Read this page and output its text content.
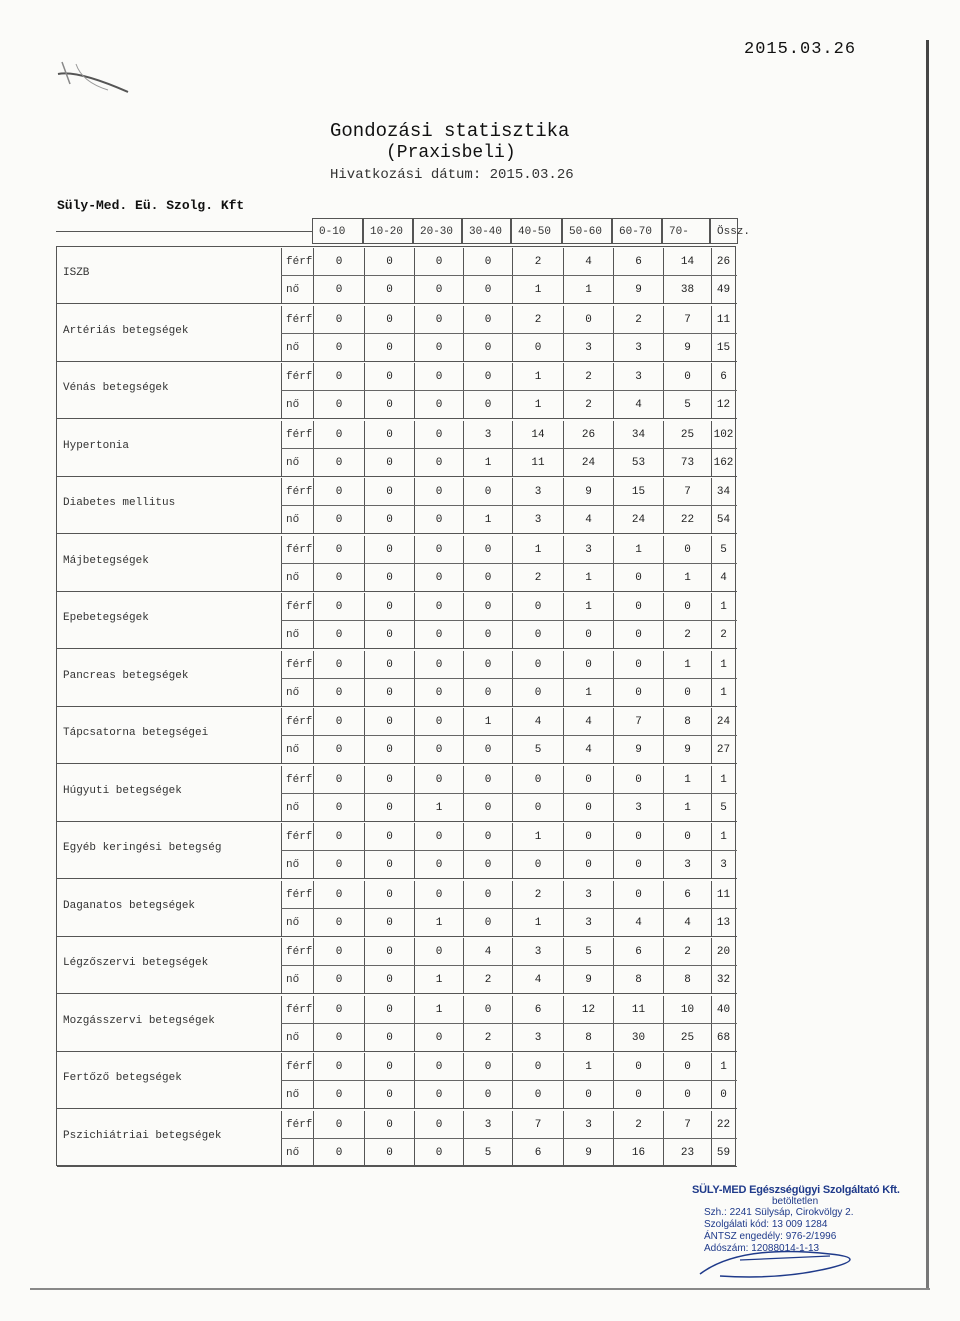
2015.03.26
Gondozási statisztika
(Praxisbeli)
Hivatkozási dátum: 2015.03.26
Süly-Med. Eü. Szolg. Kft
0-10	10-20	20-30	30-40	40-50	50-60	60-70	70-	Össz.
ISZB
férf	0	0	0	0	2	4	6	14	26
nő	0	0	0	0	1	1	9	38	49
Artériás betegségek
férf	0	0	0	0	2	0	2	7	11
nő	0	0	0	0	0	3	3	9	15
Vénás betegségek
férf	0	0	0	0	1	2	3	0	6
nő	0	0	0	0	1	2	4	5	12
Hypertonia
férf	0	0	0	3	14	26	34	25	102
nő	0	0	0	1	11	24	53	73	162
Diabetes mellitus
férf	0	0	0	0	3	9	15	7	34
nő	0	0	0	1	3	4	24	22	54
Májbetegségek
férf	0	0	0	0	1	3	1	0	5
nő	0	0	0	0	2	1	0	1	4
Epebetegségek
férf	0	0	0	0	0	1	0	0	1
nő	0	0	0	0	0	0	0	2	2
Pancreas betegségek
férf	0	0	0	0	0	0	0	1	1
nő	0	0	0	0	0	1	0	0	1
Tápcsatorna betegségei
férf	0	0	0	1	4	4	7	8	24
nő	0	0	0	0	5	4	9	9	27
Húgyuti betegségek
férf	0	0	0	0	0	0	0	1	1
nő	0	0	1	0	0	0	3	1	5
Egyéb keringési betegség
férf	0	0	0	0	1	0	0	0	1
nő	0	0	0	0	0	0	0	3	3
Daganatos betegségek
férf	0	0	0	0	2	3	0	6	11
nő	0	0	1	0	1	3	4	4	13
Légzőszervi betegségek
férf	0	0	0	4	3	5	6	2	20
nő	0	0	1	2	4	9	8	8	32
Mozgásszervi betegségek
férf	0	0	1	0	6	12	11	10	40
nő	0	0	0	2	3	8	30	25	68
Fertőző betegségek
férf	0	0	0	0	0	1	0	0	1
nő	0	0	0	0	0	0	0	0	0
Pszichiátriai betegségek
férf	0	0	0	3	7	3	2	7	22
nő	0	0	0	5	6	9	16	23	59
SÜLY-MED Egészségügyi Szolgáltató Kft.
betöltetlen
Szh.: 2241 Sülysáp, Cirokvölgy 2.
Szolgálati kód: 13 009 1284
ÁNTSZ engedély: 976-2/1996
Adószám: 12088014-1-13
